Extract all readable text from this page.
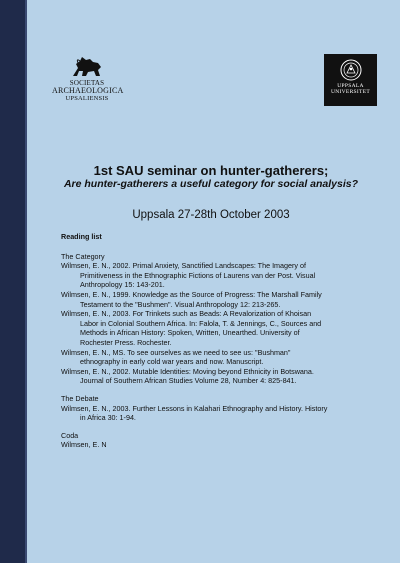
SOCIETAS
ARCHAEOLOGICA
UPSALIENSIS
UPPSALA
UNIVERSITET
1st SAU seminar on hunter-gatherers;
Are hunter-gatherers a useful category for social analysis?
Uppsala 27-28th October 2003
Reading list
The Category
Wilmsen, E. N., 2002. Primal Anxiety, Sanctified Landscapes: The Imagery of
Primitiveness in the Ethnographic Fictions of Laurens van der Post. Visual
Anthropology 15: 143-201.
Wilmsen, E. N., 1999. Knowledge as the Source of Progress: The Marshall Family
Testament to the "Bushmen". Visual Anthropology 12: 213-265.
Wilmsen, E. N., 2003. For Trinkets such as Beads: A Revalorization of Khoisan
Labor in Colonial Southern Africa. In: Falola, T. & Jennings, C., Sources and
Methods in African History: Spoken, Written, Unearthed. University of
Rochester Press. Rochester.
Wilmsen, E. N., MS. To see ourselves as we need to see us: "Bushman"
ethnography in early cold war years and now. Manuscript.
Wilmsen, E. N., 2002. Mutable Identities: Moving beyond Ethnicity in Botswana.
Journal of Southern African Studies Volume 28, Number 4: 825-841.
The Debate
Wilmsen, E. N., 2003. Further Lessons in Kalahari Ethnography and History. History
in Africa 30: 1-94.
Coda
Wilmsen, E. N
